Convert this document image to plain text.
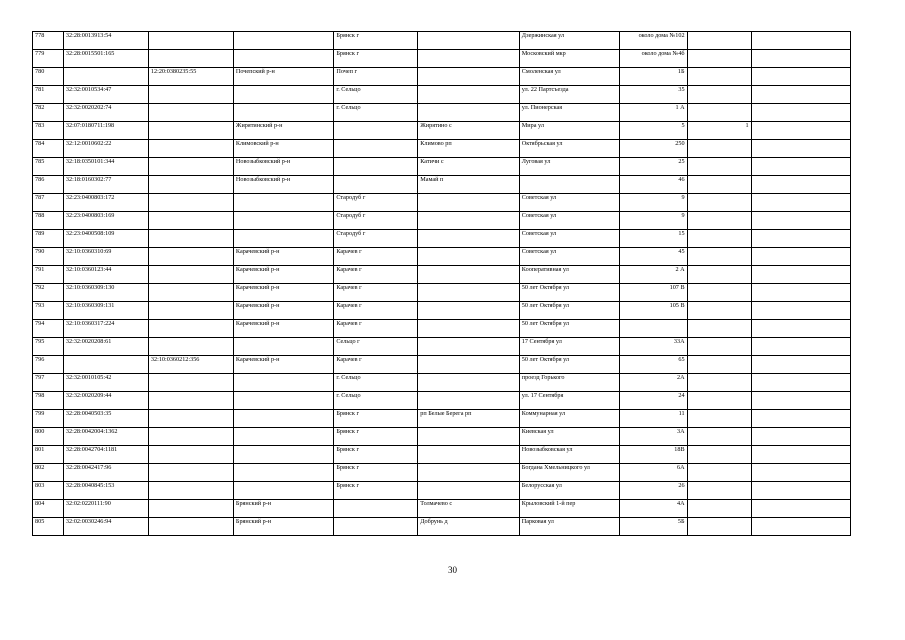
778	32:28:0013913:54			Брянск г		Дзержинская ул	около дома №102		
779	32:28:0015501:165			Брянск г		Московский мкр	около дома №4б		
780		12:20:0380235:55	Почепский р-н	Почеп г		Смоленская ул	1Б		
781	32:32:0010534:47			г. Сельцо		ул. 22 Партсъезда	35		
782	32:32:0020202:74			г. Сельцо		ул. Пионерская	1 А		
783	32:07:0180711:198		Жирятинский р-н		Жирятино с	Мира ул	5	1	
784	32:12:0010602:22		Климовский р-н		Климово рп	Октябрьская ул	250		
785	32:18:0350101:344		Новозыбковский р-н		Катичи с	Луговая ул	25		
786	32:18:0160302:77		Новозыбковский р-н		Мамай п		46		
787	32:23:0400803:172			Стародуб г		Советская ул	9		
788	32:23:0400803:169			Стародуб г		Советская ул	9		
789	32:23:0400508:109			Стародуб г		Советская ул	15		
790	32:10:0360310:69		Карачевский р-н	Карачев г		Советская ул	45		
791	32:10:0360123:44		Карачевский р-н	Карачев г		Кооперативная ул	2 А		
792	32:10:0360309:130		Карачевский р-н	Карачев г		50 лет Октября ул	107 В		
793	32:10:0360309:131		Карачевский р-н	Карачев г		50 лет Октября ул	105 В		
794	32:10:0360317:224		Карачевский р-н	Карачев г		50 лет Октября ул			
795	32:32:0020208:61			Сельцо г		17 Сентября ул	33А		
796		32:10:0360212:356	Карачевский р-н	Карачев г		50 лет Октября ул	65		
797	32:32:0010105:42			г. Сельцо		проезд Горького	2А		
798	32:32:0020209:44			г. Сельцо		ул. 17 Сентября	24		
799	32:28:0040503:35			Брянск г	рп Белые Берега рп	Коммунарная ул	11		
800	32:28:0042004:1362			Брянск г		Киевская ул	3А		
801	32:28:0042704:1181			Брянск г		Новозыбковская ул	18В		
802	32:28:0042417:96			Брянск г		Богдана Хмельницкого ул	6А		
803	32:28:0040845:153			Брянск г		Белорусская ул	26		
804	32:02:0220111:90		Брянский р-н		Толмачево с	Крыловский 1-й пер	4А		
805	32:02:0030246:94		Брянский р-н		Добрунь д	Парковая ул	5Б		
30
